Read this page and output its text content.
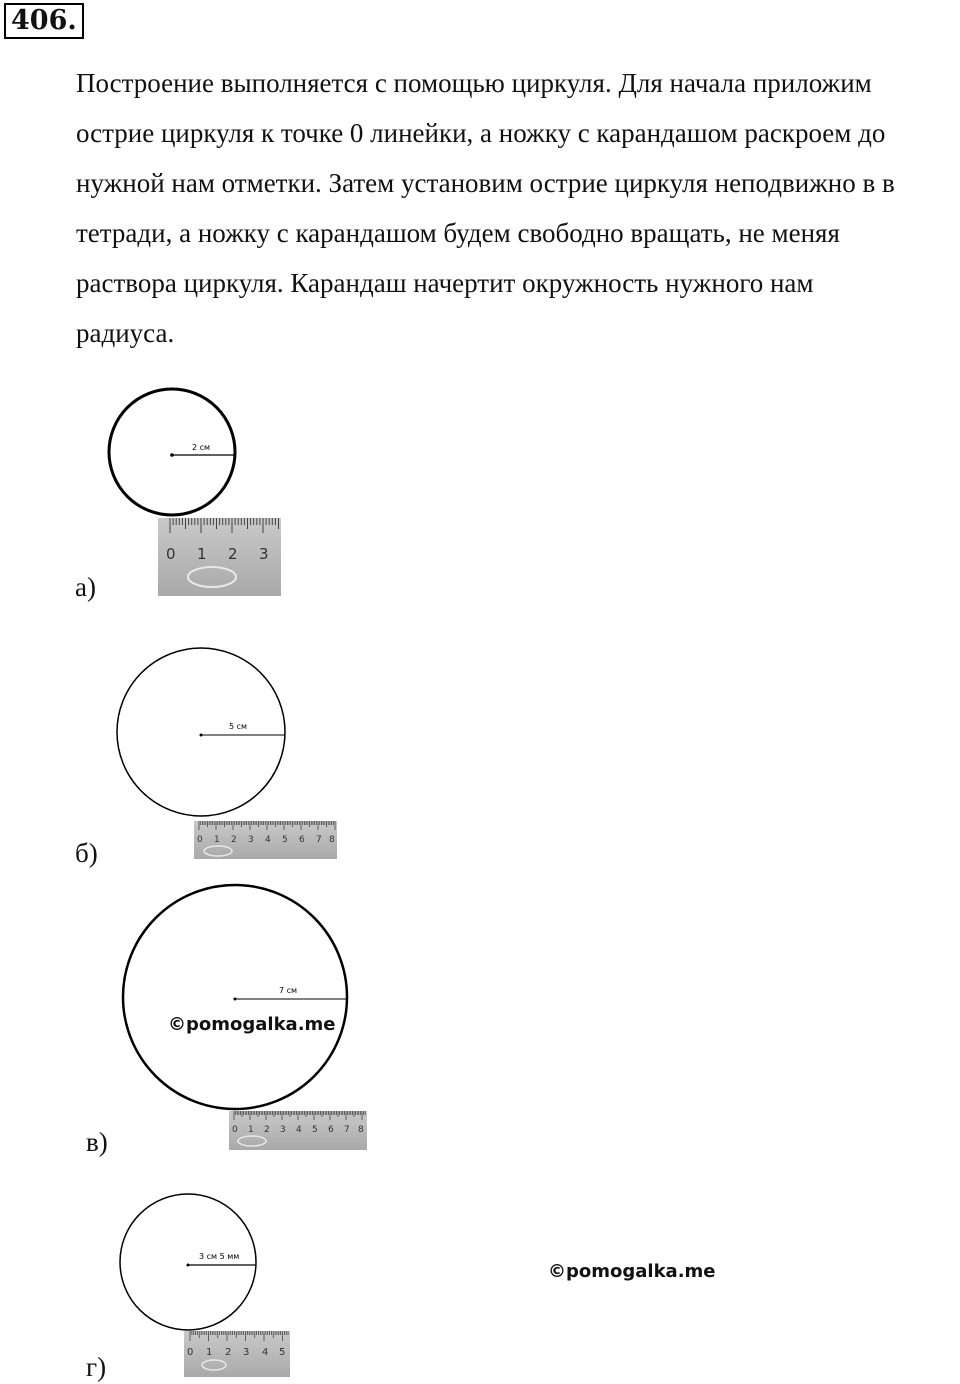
406.
Построение выполняется с помощью циркуля. Для начала приложим
острие циркуля к точке 0 линейки, а ножку с карандашом раскроем до
нужной нам отметки. Затем установим острие циркуля неподвижно в в
тетради, а ножку с карандашом будем свободно вращать, не меняя
раствора циркуля. Карандаш начертит окружность нужного нам
радиуса.
2 см
0 1 2 3
5 см
0 1 2 3 4 5 6 7 8
7 см
0 1 2 3 4 5 6 7 8
3 см 5 мм
0 1 2 3 4 5
а)
б)
в)
г)
©pomogalka.me
©pomogalka.me
